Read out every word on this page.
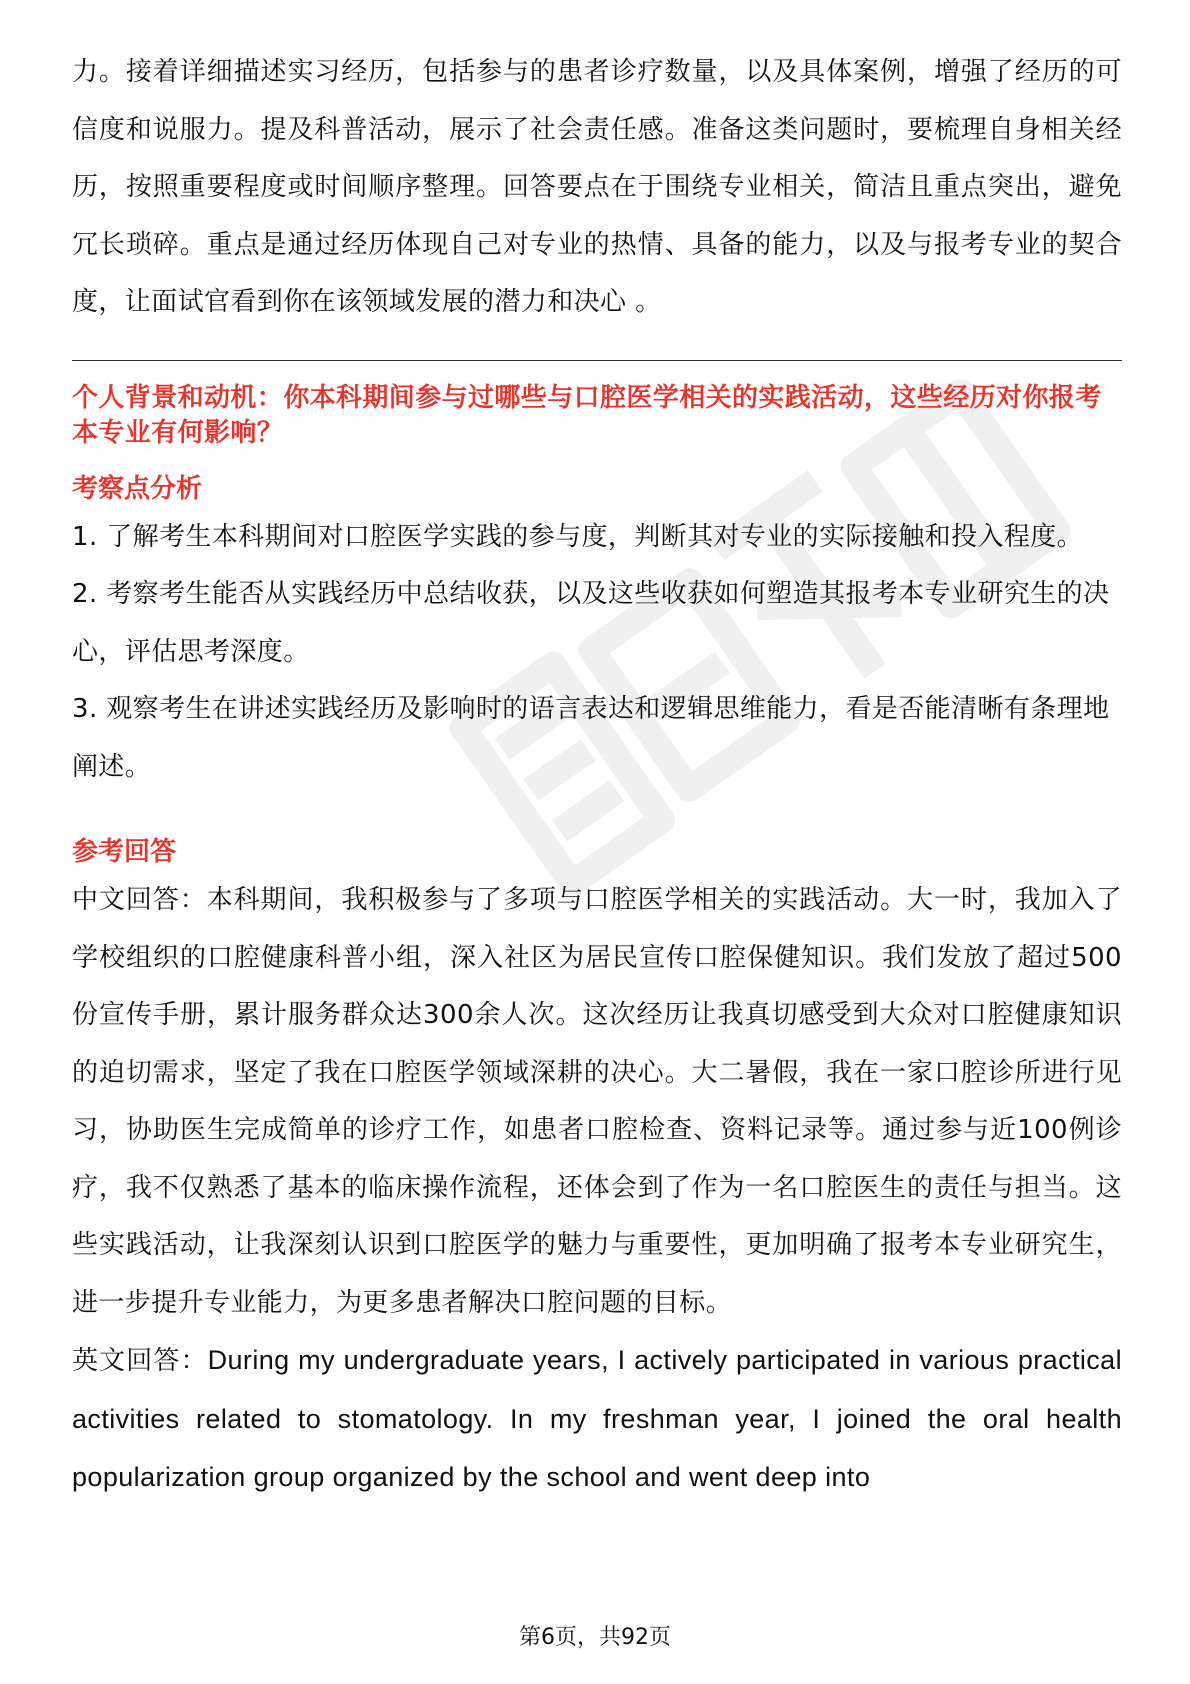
力。接着详细描述实习经历，包括参与的患者诊疗数量，以及具体案例，增强了经历的可信度和说服力。提及科普活动，展示了社会责任感。准备这类问题时，要梳理自身相关经历，按照重要程度或时间顺序整理。回答要点在于围绕专业相关，简洁且重点突出，避免冗长琐碎。重点是通过经历体现自己对专业的热情、具备的能力，以及与报考专业的契合度，让面试官看到你在该领域发展的潜力和决心 。

个人背景和动机：你本科期间参与过哪些与口腔医学相关的实践活动，这些经历对你报考本专业有何影响？

考察点分析

1. 了解考生本科期间对口腔医学实践的参与度，判断其对专业的实际接触和投入程度。

2. 考察考生能否从实践经历中总结收获，以及这些收获如何塑造其报考本专业研究生的决心，评估思考深度。

3. 观察考生在讲述实践经历及影响时的语言表达和逻辑思维能力，看是否能清晰有条理地阐述。

参考回答

中文回答：本科期间，我积极参与了多项与口腔医学相关的实践活动。大一时，我加入了学校组织的口腔健康科普小组，深入社区为居民宣传口腔保健知识。我们发放了超过500份宣传手册，累计服务群众达300余人次。这次经历让我真切感受到大众对口腔健康知识的迫切需求，坚定了我在口腔医学领域深耕的决心。大二暑假，我在一家口腔诊所进行见习，协助医生完成简单的诊疗工作，如患者口腔检查、资料记录等。通过参与近100例诊疗，我不仅熟悉了基本的临床操作流程，还体会到了作为一名口腔医生的责任与担当。这些实践活动，让我深刻认识到口腔医学的魅力与重要性，更加明确了报考本专业研究生，进一步提升专业能力，为更多患者解决口腔问题的目标。

英文回答：During my undergraduate years, I actively participated in various practical activities related to stomatology. In my freshman year, I joined the oral health popularization group organized by the school and went deep into

第6页，共92页
